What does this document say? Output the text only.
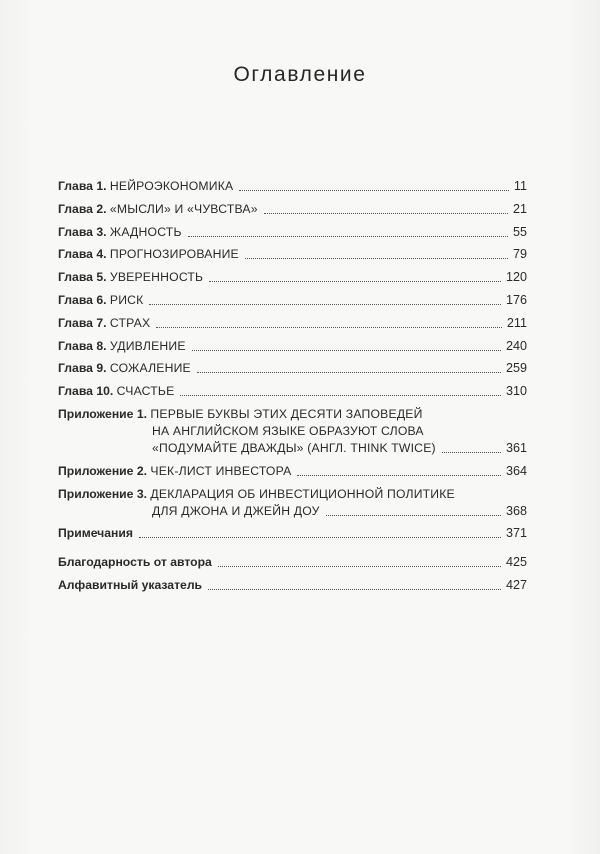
Оглавление
Глава 1. НЕЙРОЭКОНОМИКА	11
Глава 2. «МЫСЛИ» И «ЧУВСТВА»	21
Глава 3. ЖАДНОСТЬ	55
Глава 4. ПРОГНОЗИРОВАНИЕ	79
Глава 5. УВЕРЕННОСТЬ	120
Глава 6. РИСК	176
Глава 7. СТРАХ	211
Глава 8. УДИВЛЕНИЕ	240
Глава 9. СОЖАЛЕНИЕ	259
Глава 10. СЧАСТЬЕ	310
Приложение 1. ПЕРВЫЕ БУКВЫ ЭТИХ ДЕСЯТИ ЗАПОВЕДЕЙ
НА АНГЛИЙСКОМ ЯЗЫКЕ ОБРАЗУЮТ СЛОВА
«ПОДУМАЙТЕ ДВАЖДЫ» (АНГЛ. THINK TWICE)	361
Приложение 2. ЧЕК-ЛИСТ ИНВЕСТОРА	364
Приложение 3. ДЕКЛАРАЦИЯ ОБ ИНВЕСТИЦИОННОЙ ПОЛИТИКЕ
ДЛЯ ДЖОНА И ДЖЕЙН ДОУ	368
Примечания	371
Благодарность от автора	425
Алфавитный указатель	427
